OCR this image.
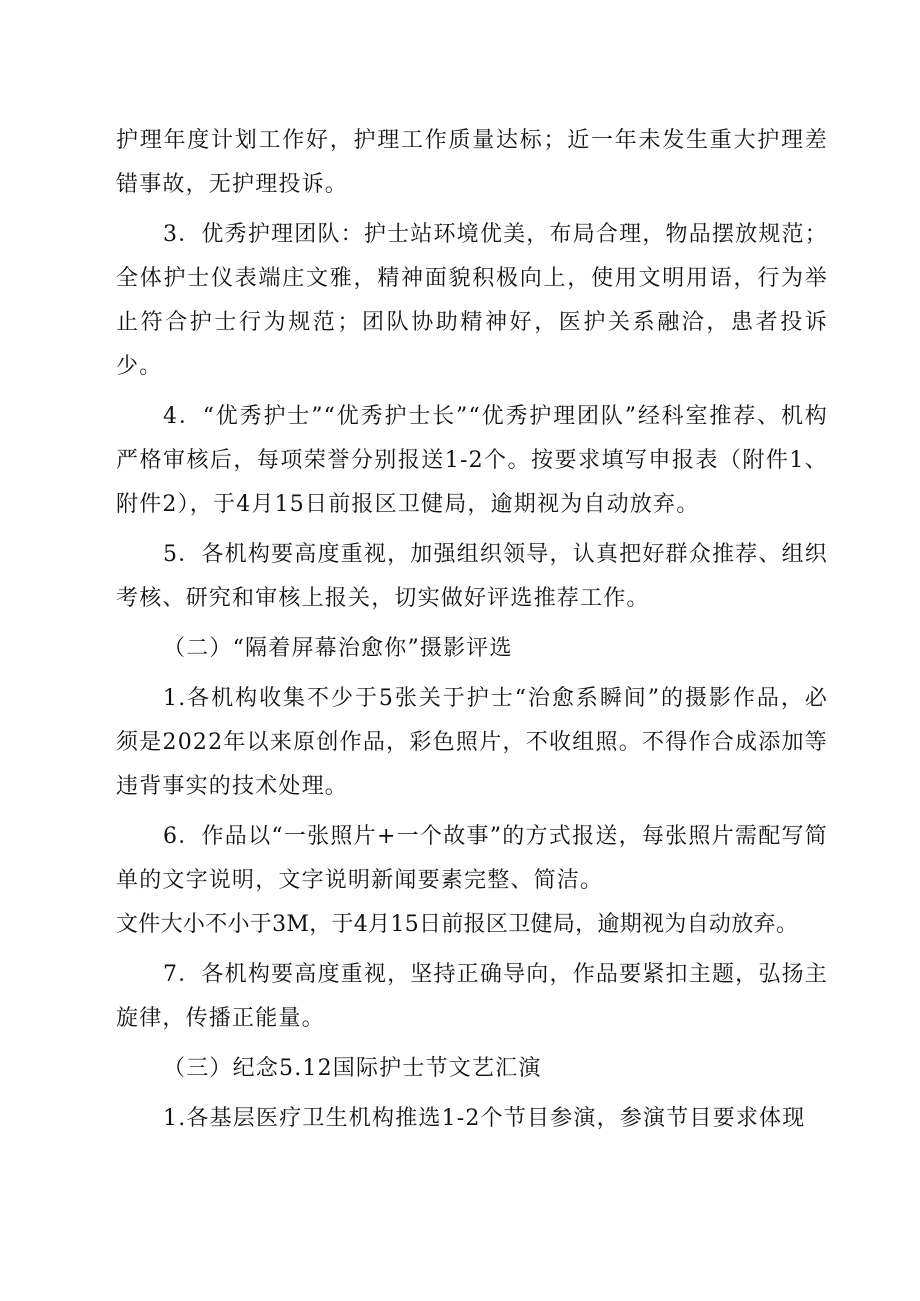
护理年度计划工作好，护理工作质量达标；近一年未发生重大护理差错事故，无护理投诉。

3．优秀护理团队：护士站环境优美，布局合理，物品摆放规范；全体护士仪表端庄文雅，精神面貌积极向上，使用文明用语，行为举止符合护士行为规范；团队协助精神好，医护关系融洽，患者投诉少。

4．“优秀护士”“优秀护士长”“优秀护理团队”经科室推荐、机构严格审核后，每项荣誉分别报送1-2个。按要求填写申报表（附件1、附件2），于4月15日前报区卫健局，逾期视为自动放弃。

5．各机构要高度重视，加强组织领导，认真把好群众推荐、组织考核、研究和审核上报关，切实做好评选推荐工作。

（二）“隔着屏幕治愈你”摄影评选

1.各机构收集不少于5张关于护士“治愈系瞬间”的摄影作品，必须是2022年以来原创作品，彩色照片，不收组照。不得作合成添加等违背事实的技术处理。

6．作品以“一张照片+一个故事”的方式报送，每张照片需配写简单的文字说明，文字说明新闻要素完整、简洁。

文件大小不小于3M，于4月15日前报区卫健局，逾期视为自动放弃。

7．各机构要高度重视，坚持正确导向，作品要紧扣主题，弘扬主旋律，传播正能量。

（三）纪念5.12国际护士节文艺汇演

1.各基层医疗卫生机构推选1-2个节目参演，参演节目要求体现
